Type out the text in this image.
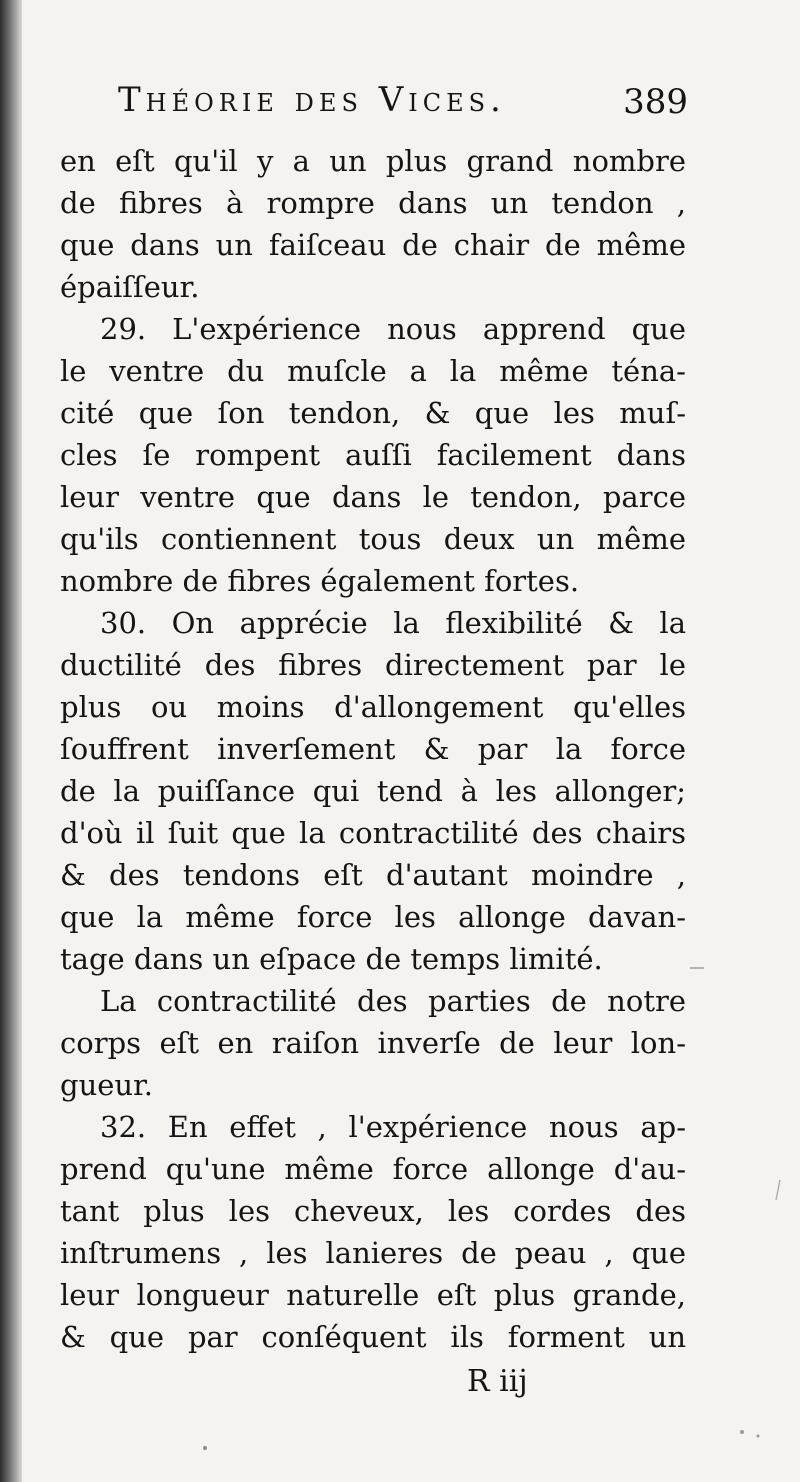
Théorie des Vices.	389
en eſt qu'il y a un plus grand nombre
de fibres à rompre dans un tendon ,
que dans un faiſceau de chair de même
épaiſſeur.
29. L'expérience nous apprend que
le ventre du muſcle a la même téna-
cité que ſon tendon, & que les muſ-
cles ſe rompent auſſi facilement dans
leur ventre que dans le tendon, parce
qu'ils contiennent tous deux un même
nombre de fibres également fortes.
30. On apprécie la flexibilité & la
ductilité des fibres directement par le
plus ou moins d'allongement qu'elles
ſouffrent inverſement & par la force
de la puiſſance qui tend à les allonger;
d'où il ſuit que la contractilité des chairs
& des tendons eſt d'autant moindre ,
que la même force les allonge davan-
tage dans un eſpace de temps limité.
La contractilité des parties de notre
corps eſt en raiſon inverſe de leur lon-
gueur.
32. En effet , l'expérience nous ap-
prend qu'une même force allonge d'au-
tant plus les cheveux, les cordes des
inſtrumens , les lanieres de peau , que
leur longueur naturelle eſt plus grande,
& que par conſéquent ils forment un
R iij
